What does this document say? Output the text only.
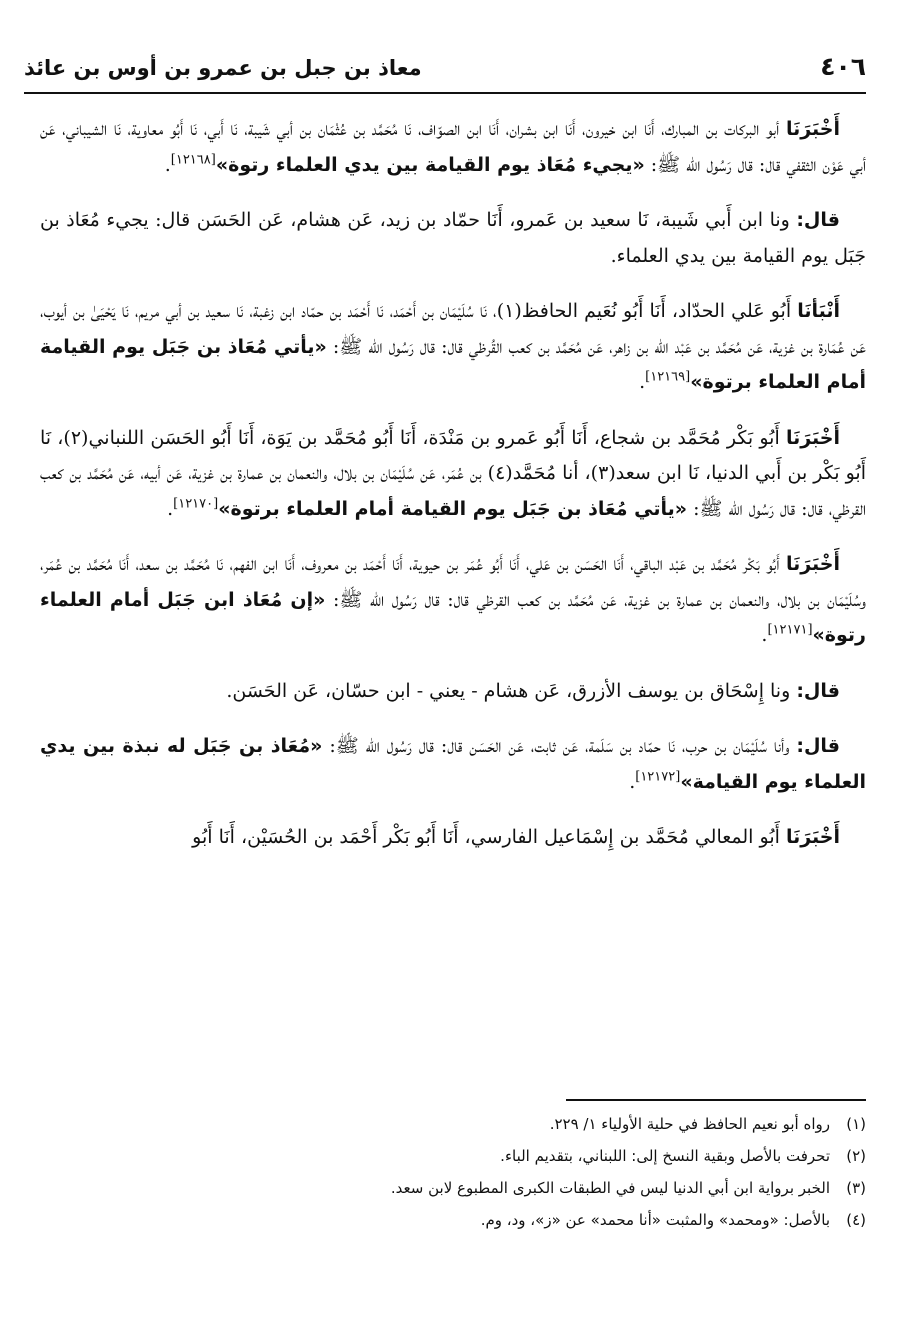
٤٠٦
معاذ بن جبل بن عمرو بن أوس بن عائذ

أَخْبَرَنَا أبو البركات بن المبارك، أَنَا ابن خيرون، أَنَا ابن بشران، أَنَا ابن الصوّاف، نَا مُحَمَّد بن عُثْمَان بن أبي شَيبة، نَا أَبي، نَا أَبُو معاوية، نَا الشيباني، عَن أبي عَوْن الثقفي قال: قال رَسُول الله ﷺ: «يجيء مُعَاذ يوم القيامة بين يدي العلماء رتوة»[١٢١٦٨].

قال: ونا ابن أَبي شَيبة، نَا سعيد بن عَمرو، أَنَا حمّاد بن زيد، عَن هشام، عَن الحَسَن قال: يجيء مُعَاذ بن جَبَل يوم القيامة بين يدي العلماء.

أَنْبَأنَا أَبُو عَلي الحدّاد، أَنَا أَبُو نُعَيم الحافظ(١)، نَا سُلَيْمَان بن أَحْمَد، نَا أَحْمَد بن حمّاد ابن زغبة، نَا سعيد بن أبي مريم، نَا يَحْيَىٰ بن أيوب، عَن عُمَارة بن غزية، عَن مُحَمَّد بن عَبْد الله بن زاهر، عَن مُحَمَّد بن كعب القُرظي قال: قال رَسُول الله ﷺ: «يأتي مُعَاذ بن جَبَل يوم القيامة أمام العلماء برتوة»[١٢١٦٩].

أَخْبَرَنَا أَبُو بَكْر مُحَمَّد بن شجاع، أَنَا أَبُو عَمرو بن مَنْدَة، أَنَا أَبُو مُحَمَّد بن يَوَة، أَنَا أَبُو الحَسَن اللنباني(٢)، نَا أَبُو بَكْر بن أَبي الدنيا، نَا ابن سعد(٣)، أنا مُحَمَّد(٤) بن عُمَر، عَن سُلَيْمَان بن بلال، والنعمان بن عمارة بن غزية، عَن أبيه، عَن مُحَمَّد بن كعب القرظي، قال: قال رَسُول الله ﷺ: «يأتي مُعَاذ بن جَبَل يوم القيامة أمام العلماء برتوة»[١٢١٧٠].

أَخْبَرَنَا أَبُو بَكْر مُحَمَّد بن عَبْد الباقي، أَنَا الحَسَن بن عَلي، أَنَا أَبُو عُمَر بن حيوية، أَنَا أَحْمَد بن معروف، أَنَا ابن الفهم، نَا مُحَمَّد بن سعد، أَنَا مُحَمَّد بن عُمَر، وسُلَيْمَان بن بلال، والنعمان بن عمارة بن غزية، عَن مُحَمَّد بن كعب القرظي قال: قال رَسُول الله ﷺ: «إن مُعَاذ ابن جَبَل أمام العلماء رتوة»[١٢١٧١].

قال: ونا إِسْحَاق بن يوسف الأزرق، عَن هشام - يعني - ابن حسّان، عَن الحَسَن.

قال: وأنا سُلَيْمَان بن حرب، نَا حمّاد بن سَلَمة، عَن ثابت، عَن الحَسَن قال: قال رَسُول الله ﷺ: «مُعَاذ بن جَبَل له نبذة بين يدي العلماء يوم القيامة»[١٢١٧٢].

أَخْبَرَنَا أَبُو المعالي مُحَمَّد بن إِسْمَاعيل الفارسي، أَنَا أَبُو بَكْر أَحْمَد بن الحُسَيْن، أَنَا أَبُو

(١)رواه أبو نعيم الحافظ في حلية الأولياء ١/ ٢٢٩.

(٢)تحرفت بالأصل وبقية النسخ إلى: اللبناني، بتقديم الباء.

(٣)الخبر برواية ابن أبي الدنيا ليس في الطبقات الكبرى المطبوع لابن سعد.

(٤)بالأصل: «ومحمد» والمثبت «أنا محمد» عن «ز»، ود، وم.
